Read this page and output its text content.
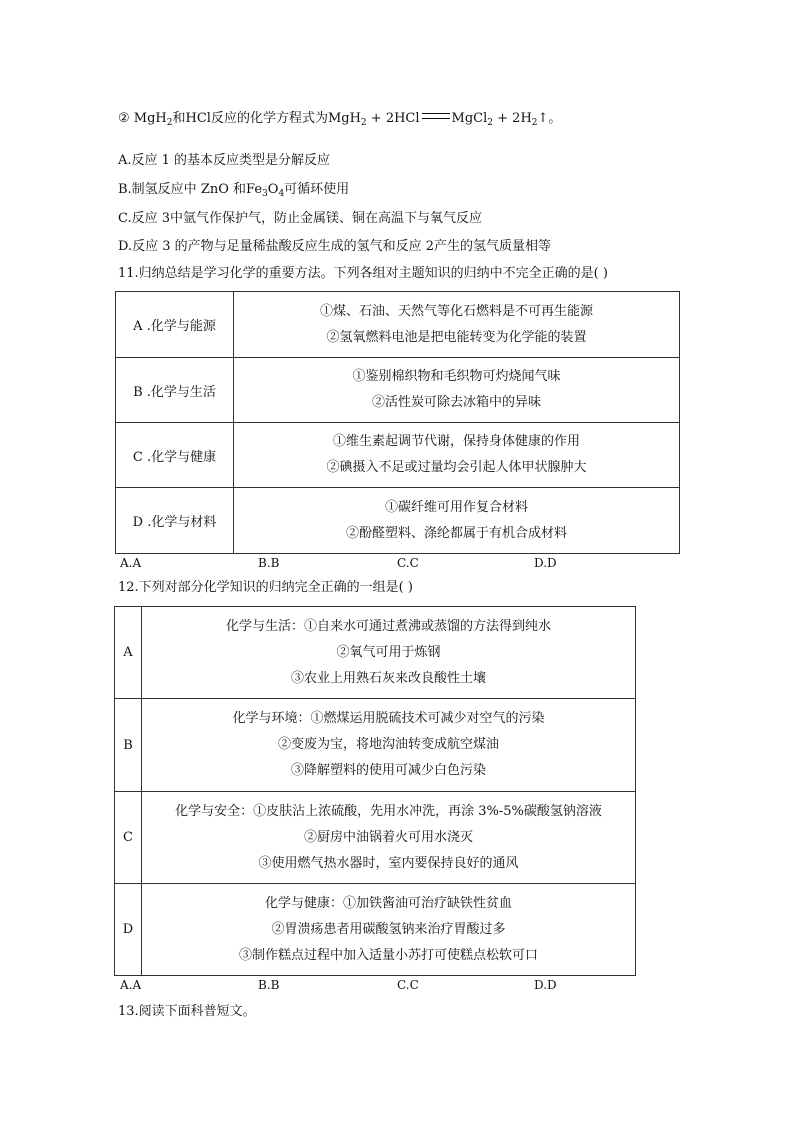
② MgH$_2$和HCl反应的化学方程式为MgH$_2$ + 2HCl MgCl$_2$ + $2H_2↑$。
A.反应 1 的基本反应类型是分解反应
B.制氢反应中 ZnO 和$Fe_3O_4$可循环使用
C.反应 3中氩气作保护气，防止金属镁、铜在高温下与氧气反应
D.反应 3 的产物与足量稀盐酸反应生成的氢气和反应 2产生的氢气质量相等
11.归纳总结是学习化学的重要方法。下列各组对主题知识的归纳中不完全正确的是( )
A .化学与能源	①煤、石油、天然气等化石燃料是不可再生能源
②氢氧燃料电池是把电能转变为化学能的装置

B .化学与生活	①鉴别棉织物和毛织物可灼烧闻气味
②活性炭可除去冰箱中的异味

C .化学与健康	①维生素起调节代谢，保持身体健康的作用
②碘摄入不足或过量均会引起人体甲状腺肿大

D .化学与材料	①碳纤维可用作复合材料
②酚醛塑料、涤纶都属于有机合成材料
A.A	B.B	C.C	D.D
12.下列对部分化学知识的归纳完全正确的一组是( )
A	化学与生活：①自来水可通过煮沸或蒸馏的方法得到纯水
②氧气可用于炼钢
③农业上用熟石灰来改良酸性土壤

B	化学与环境：①燃煤运用脱硫技术可减少对空气的污染
②变废为宝，将地沟油转变成航空煤油
③降解塑料的使用可减少白色污染

C	化学与安全：①皮肤沾上浓硫酸，先用水冲洗，再涂 3%-5%碳酸氢钠溶液
②厨房中油锅着火可用水浇灭
③使用燃气热水器时，室内要保持良好的通风

D	化学与健康：①加铁酱油可治疗缺铁性贫血
②胃溃疡患者用碳酸氢钠来治疗胃酸过多
③制作糕点过程中加入适量小苏打可使糕点松软可口
A.A	B.B	C.C	D.D
13.阅读下面科普短文。
